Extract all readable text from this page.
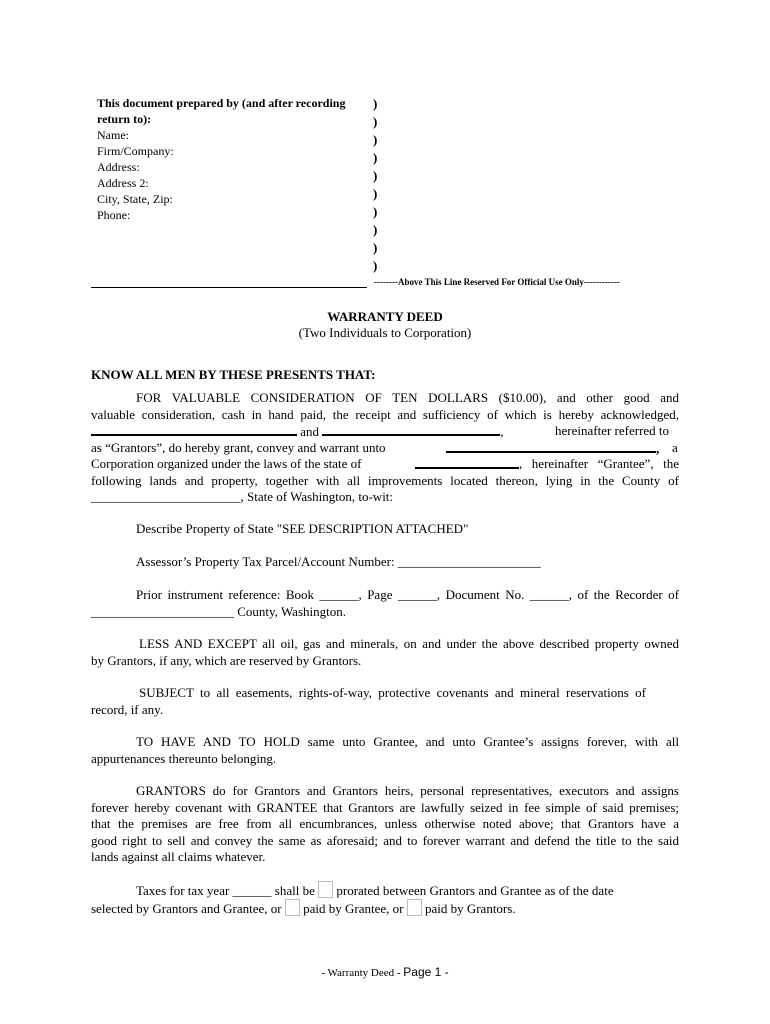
This document prepared by (and after recording
return to):
Name:
Firm/Company:
Address:
Address 2:
City, State, Zip:
Phone:
)
)
)
)
)
)
)
)
)
)
--------Above This Line Reserved For Official Use Only------------
WARRANTY DEED
(Two Individuals to Corporation)
KNOW ALL MEN BY THESE PRESENTS THAT:
FOR VALUABLE CONSIDERATION OF TEN DOLLARS ($10.00), and other good and
valuable consideration, cash in hand paid, the receipt and sufficiency of which is hereby acknowledged,
and	,	hereinafter referred to
as “Grantors”, do hereby grant, convey and warrant unto	, a
Corporation organized under the laws of the state of	, hereinafter “Grantee”, the
following lands and property, together with all improvements located thereon, lying in the County of
_______________________, State of Washington, to-wit:
Describe Property of State "SEE DESCRIPTION ATTACHED"
Assessor’s Property Tax Parcel/Account Number: ______________________
Prior instrument reference: Book ______, Page ______, Document No. ______, of the Recorder of
______________________ County, Washington.
LESS AND EXCEPT all oil, gas and minerals, on and under the above described property owned
by Grantors, if any, which are reserved by Grantors.
SUBJECT to all easements, rights-of-way, protective covenants and mineral reservations of
record, if any.
TO HAVE AND TO HOLD same unto Grantee, and unto Grantee’s assigns forever, with all
appurtenances thereunto belonging.
GRANTORS do for Grantors and Grantors heirs, personal representatives, executors and assigns
forever hereby covenant with GRANTEE that Grantors are lawfully seized in fee simple of said premises;
that the premises are free from all encumbrances, unless otherwise noted above; that Grantors have a
good right to sell and convey the same as aforesaid; and to forever warrant and defend the title to the said
lands against all claims whatever.
Taxes for tax year ______ shall be prorated between Grantors and Grantee as of the date
selected by Grantors and Grantee, or paid by Grantee, or paid by Grantors.
- Warranty Deed - Page 1 -
